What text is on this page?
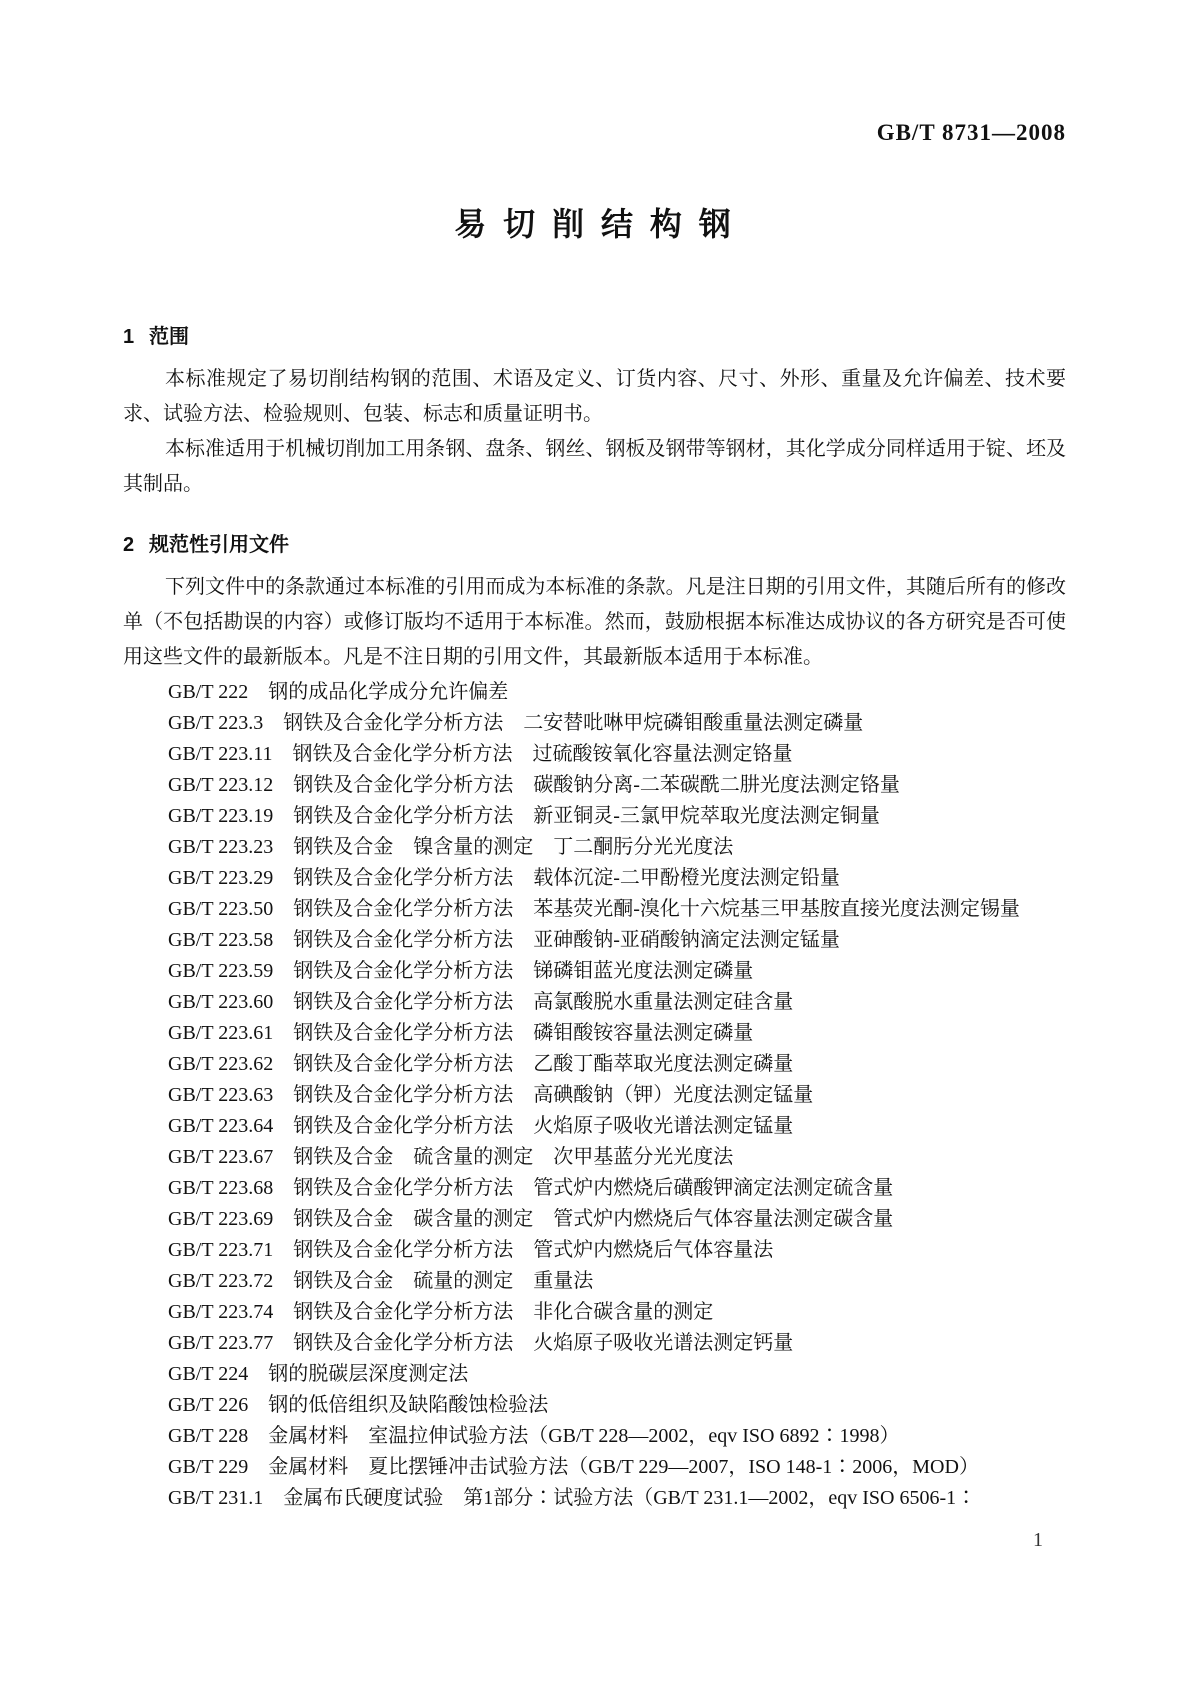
GB/T 8731—2008
易 切 削 结 构 钢
1 范围
本标准规定了易切削结构钢的范围、术语及定义、订货内容、尺寸、外形、重量及允许偏差、技术要求、试验方法、检验规则、包装、标志和质量证明书。
本标准适用于机械切削加工用条钢、盘条、钢丝、钢板及钢带等钢材，其化学成分同样适用于锭、坯及其制品。
2 规范性引用文件
下列文件中的条款通过本标准的引用而成为本标准的条款。凡是注日期的引用文件，其随后所有的修改单（不包括勘误的内容）或修订版均不适用于本标准。然而，鼓励根据本标准达成协议的各方研究是否可使用这些文件的最新版本。凡是不注日期的引用文件，其最新版本适用于本标准。
GB/T 222　钢的成品化学成分允许偏差
GB/T 223.3　钢铁及合金化学分析方法　二安替吡啉甲烷磷钼酸重量法测定磷量
GB/T 223.11　钢铁及合金化学分析方法　过硫酸铵氧化容量法测定铬量
GB/T 223.12　钢铁及合金化学分析方法　碳酸钠分离-二苯碳酰二肼光度法测定铬量
GB/T 223.19　钢铁及合金化学分析方法　新亚铜灵-三氯甲烷萃取光度法测定铜量
GB/T 223.23　钢铁及合金　镍含量的测定　丁二酮肟分光光度法
GB/T 223.29　钢铁及合金化学分析方法　载体沉淀-二甲酚橙光度法测定铅量
GB/T 223.50　钢铁及合金化学分析方法　苯基荧光酮-溴化十六烷基三甲基胺直接光度法测定锡量
GB/T 223.58　钢铁及合金化学分析方法　亚砷酸钠-亚硝酸钠滴定法测定锰量
GB/T 223.59　钢铁及合金化学分析方法　锑磷钼蓝光度法测定磷量
GB/T 223.60　钢铁及合金化学分析方法　高氯酸脱水重量法测定硅含量
GB/T 223.61　钢铁及合金化学分析方法　磷钼酸铵容量法测定磷量
GB/T 223.62　钢铁及合金化学分析方法　乙酸丁酯萃取光度法测定磷量
GB/T 223.63　钢铁及合金化学分析方法　高碘酸钠（钾）光度法测定锰量
GB/T 223.64　钢铁及合金化学分析方法　火焰原子吸收光谱法测定锰量
GB/T 223.67　钢铁及合金　硫含量的测定　次甲基蓝分光光度法
GB/T 223.68　钢铁及合金化学分析方法　管式炉内燃烧后磺酸钾滴定法测定硫含量
GB/T 223.69　钢铁及合金　碳含量的测定　管式炉内燃烧后气体容量法测定碳含量
GB/T 223.71　钢铁及合金化学分析方法　管式炉内燃烧后气体容量法
GB/T 223.72　钢铁及合金　硫量的测定　重量法
GB/T 223.74　钢铁及合金化学分析方法　非化合碳含量的测定
GB/T 223.77　钢铁及合金化学分析方法　火焰原子吸收光谱法测定钙量
GB/T 224　钢的脱碳层深度测定法
GB/T 226　钢的低倍组织及缺陷酸蚀检验法
GB/T 228　金属材料　室温拉伸试验方法（GB/T 228—2002，eqv ISO 6892∶1998）
GB/T 229　金属材料　夏比摆锤冲击试验方法（GB/T 229—2007，ISO 148-1∶2006，MOD）
GB/T 231.1　金属布氏硬度试验　第1部分∶试验方法（GB/T 231.1—2002，eqv ISO 6506-1∶
1
